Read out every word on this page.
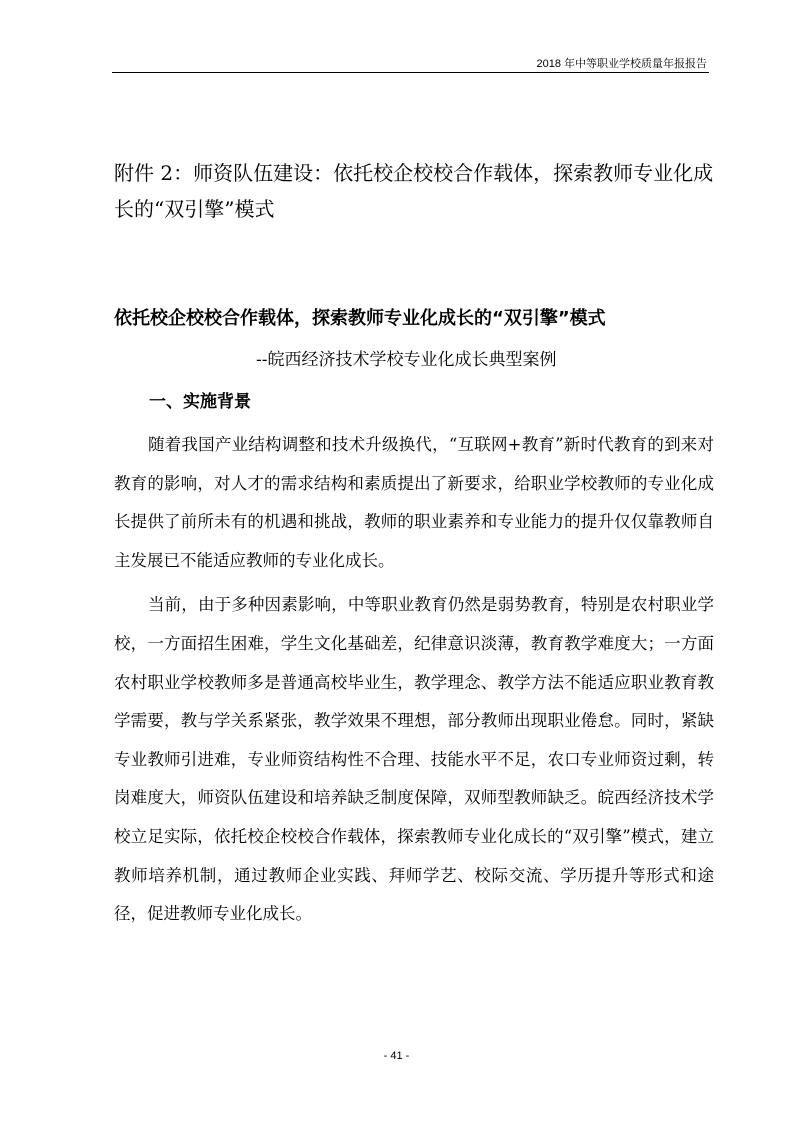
2018 年中等职业学校质量年报报告
附件 2：师资队伍建设：依托校企校校合作载体，探索教师专业化成长的“双引擎”模式
依托校企校校合作载体，探索教师专业化成长的“双引擎”模式
--皖西经济技术学校专业化成长典型案例
一、实施背景

随着我国产业结构调整和技术升级换代，“互联网+教育”新时代教育的到来对教育的影响，对人才的需求结构和素质提出了新要求，给职业学校教师的专业化成长提供了前所未有的机遇和挑战，教师的职业素养和专业能力的提升仅仅靠教师自主发展已不能适应教师的专业化成长。

当前，由于多种因素影响，中等职业教育仍然是弱势教育，特别是农村职业学校，一方面招生困难，学生文化基础差，纪律意识淡薄，教育教学难度大；一方面农村职业学校教师多是普通高校毕业生，教学理念、教学方法不能适应职业教育教学需要，教与学关系紧张，教学效果不理想，部分教师出现职业倦怠。同时，紧缺专业教师引进难，专业师资结构性不合理、技能水平不足，农口专业师资过剩，转岗难度大，师资队伍建设和培养缺乏制度保障，双师型教师缺乏。皖西经济技术学校立足实际，依托校企校校合作载体，探索教师专业化成长的“双引擎”模式，建立教师培养机制，通过教师企业实践、拜师学艺、校际交流、学历提升等形式和途径，促进教师专业化成长。

- 41 -
